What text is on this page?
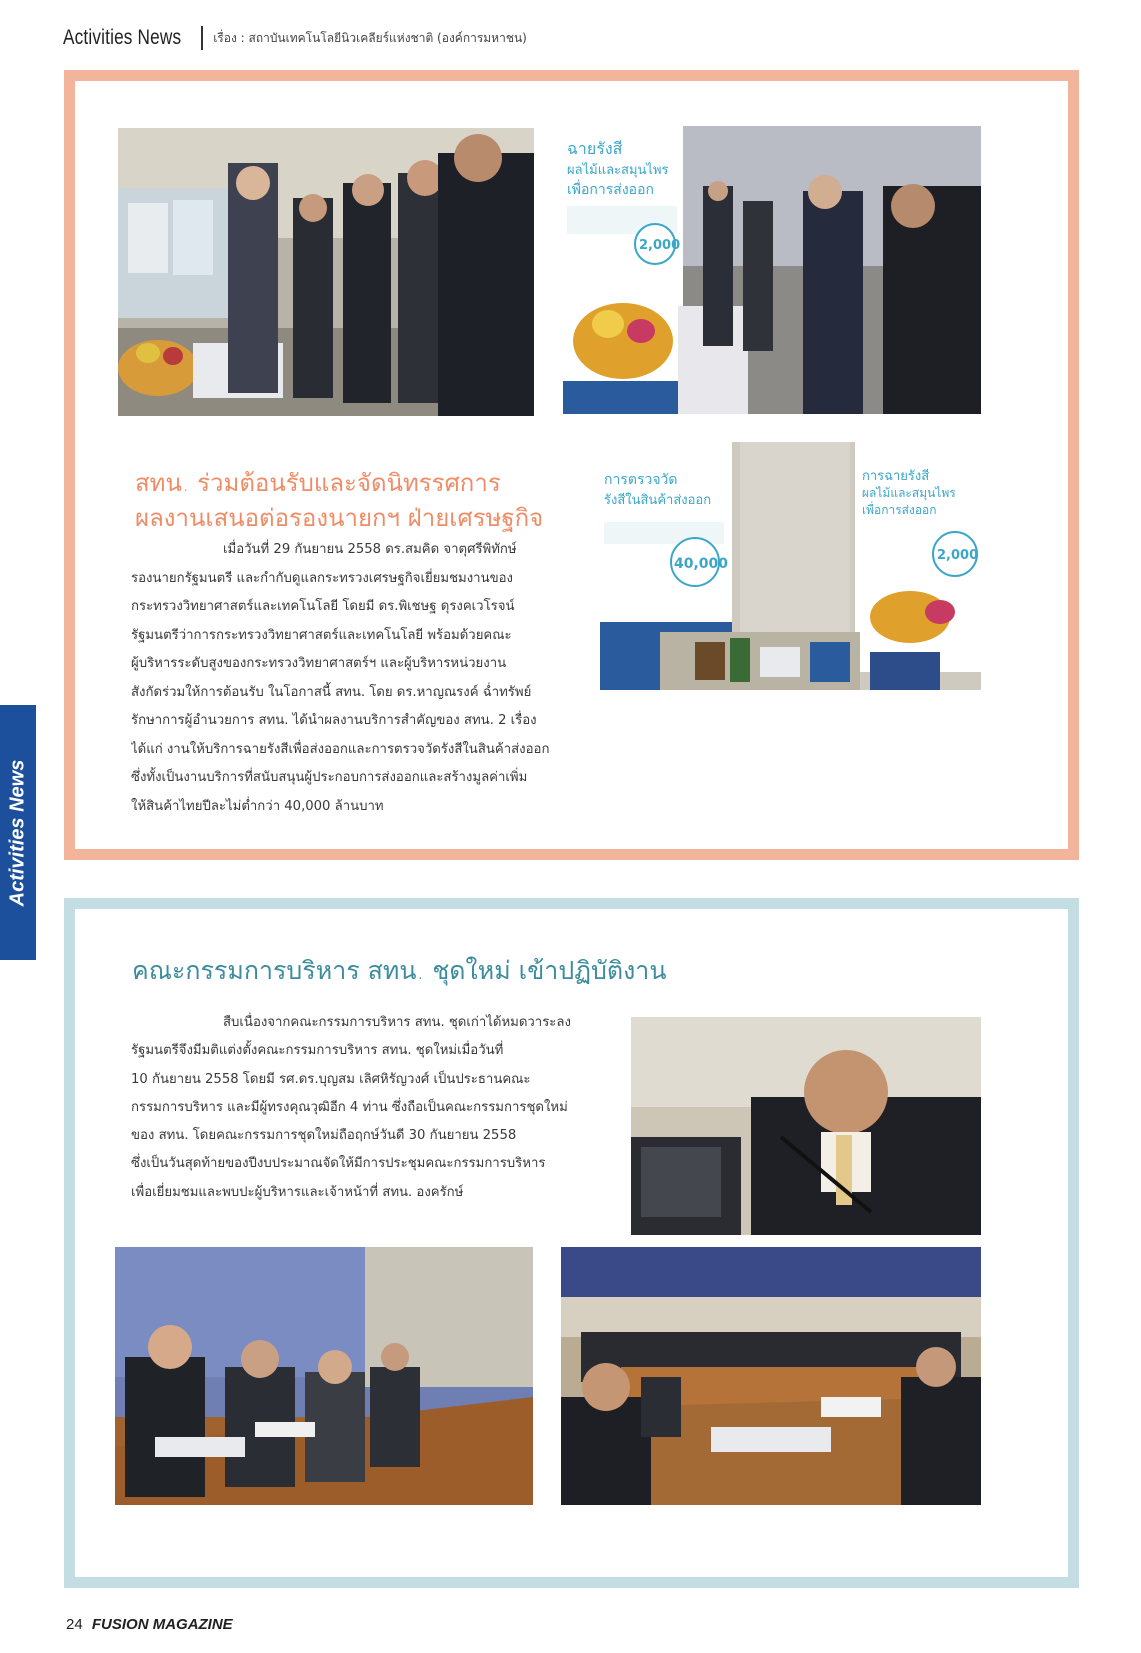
Activities News	เรื่อง : สถาบันเทคโนโลยีนิวเคลียร์แห่งชาติ (องค์การมหาชน)
Activities News
ฉายรังสี
ผลไม้และสมุนไพร
เพื่อการส่งออก
2,000
สทน. ร่วมต้อนรับและจัดนิทรรศการ
ผลงานเสนอต่อรองนายกฯ ฝ่ายเศรษฐกิจ
เมื่อวันที่ 29 กันยายน 2558 ดร.สมคิด จาตุศรีพิทักษ์
รองนายกรัฐมนตรี และกำกับดูแลกระทรวงเศรษฐกิจเยี่ยมชมงานของ
กระทรวงวิทยาศาสตร์และเทคโนโลยี โดยมี ดร.พิเชษฐ ดุรงคเวโรจน์
รัฐมนตรีว่าการกระทรวงวิทยาศาสตร์และเทคโนโลยี พร้อมด้วยคณะ
ผู้บริหารระดับสูงของกระทรวงวิทยาศาสตร์ฯ และผู้บริหารหน่วยงาน
สังกัดร่วมให้การต้อนรับ ในโอกาสนี้ สทน. โดย ดร.หาญณรงค์ ฉ่ำทรัพย์
รักษาการผู้อำนวยการ สทน. ได้นำผลงานบริการสำคัญของ สทน. 2 เรื่อง
ได้แก่ งานให้บริการฉายรังสีเพื่อส่งออกและการตรวจวัดรังสีในสินค้าส่งออก
ซึ่งทั้งเป็นงานบริการที่สนับสนุนผู้ประกอบการส่งออกและสร้างมูลค่าเพิ่ม
ให้สินค้าไทยปีละไม่ต่ำกว่า 40,000 ล้านบาท
การตรวจวัด
รังสีในสินค้าส่งออก
40,000
การฉายรังสี
ผลไม้และสมุนไพร
เพื่อการส่งออก
2,000
คณะกรรมการบริหาร สทน. ชุดใหม่ เข้าปฏิบัติงาน
สืบเนื่องจากคณะกรรมการบริหาร สทน. ชุดเก่าได้หมดวาระลง
รัฐมนตรีจึงมีมติแต่งตั้งคณะกรรมการบริหาร สทน. ชุดใหม่เมื่อวันที่
10 กันยายน 2558 โดยมี รศ.ดร.บุญสม เลิศหิรัญวงศ์ เป็นประธานคณะ
กรรมการบริหาร และมีผู้ทรงคุณวุฒิอีก 4 ท่าน ซึ่งถือเป็นคณะกรรมการชุดใหม่
ของ สทน. โดยคณะกรรมการชุดใหม่ถือฤกษ์วันดี 30 กันยายน 2558
ซึ่งเป็นวันสุดท้ายของปีงบประมาณจัดให้มีการประชุมคณะกรรมการบริหาร
เพื่อเยี่ยมชมและพบปะผู้บริหารและเจ้าหน้าที่ สทน. องครักษ์
24 FUSION MAGAZINE
